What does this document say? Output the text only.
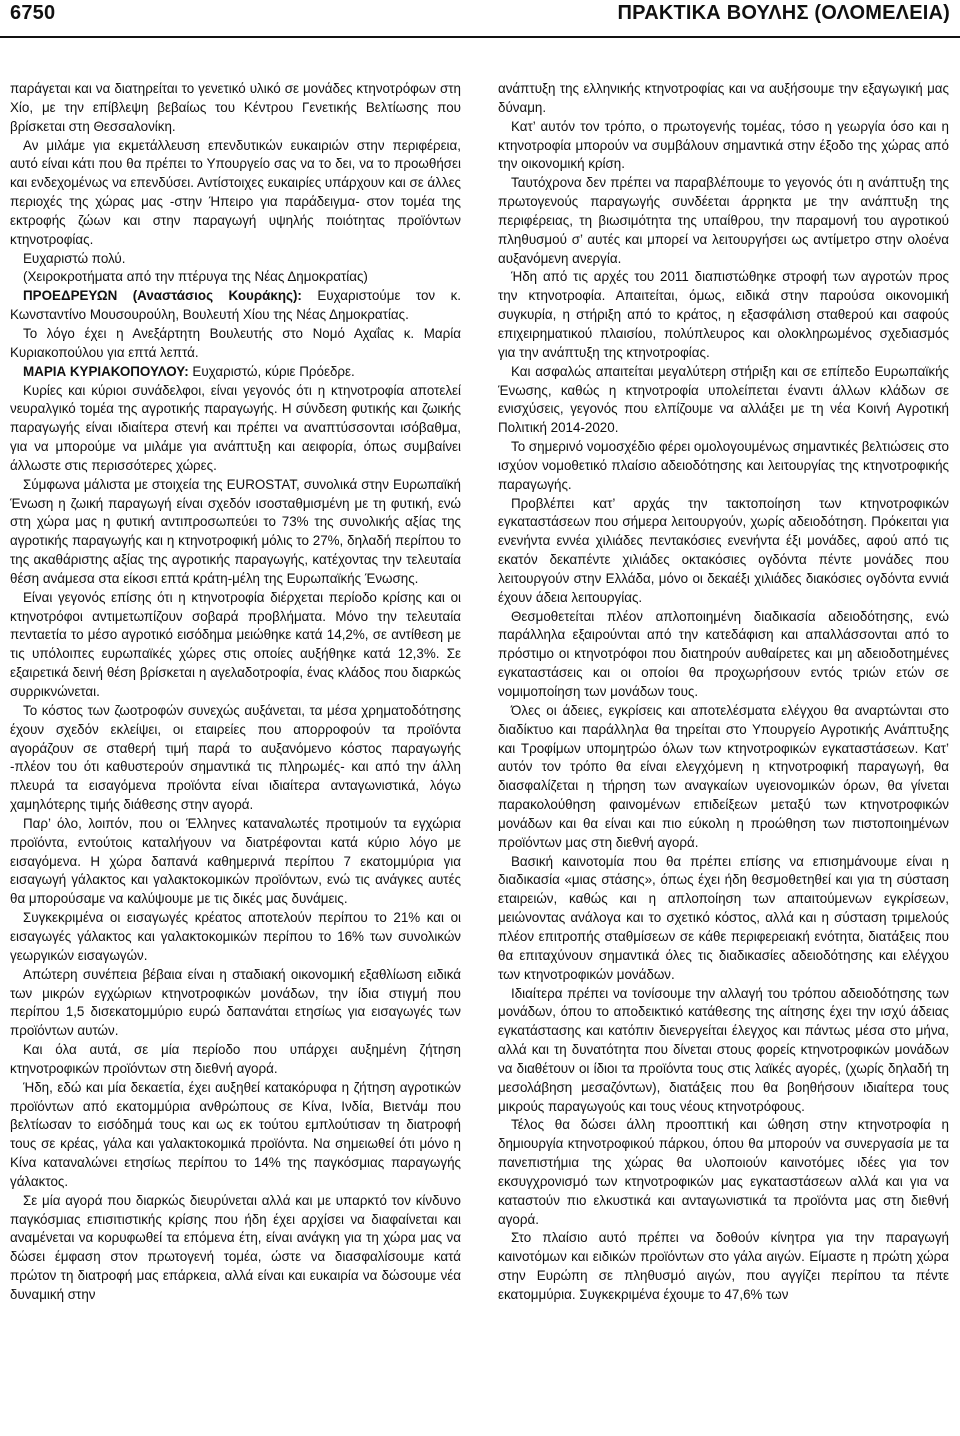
6750	ΠΡΑΚΤΙΚΑ ΒΟΥΛΗΣ (ΟΛΟΜΕΛΕΙΑ)

παράγεται και να διατηρείται το γενετικό υλικό σε μονάδες κτηνοτρόφων στη Χίο, με την επίβλεψη βεβαίως του Κέντρου Γενετικής Βελτίωσης που βρίσκεται στη Θεσσαλονίκη.

Αν μιλάμε για εκμετάλλευση επενδυτικών ευκαιριών στην περιφέρεια, αυτό είναι κάτι που θα πρέπει το Υπουργείο σας να το δει, να το προωθήσει και ενδεχομένως να επενδύσει. Αντίστοιχες ευκαιρίες υπάρχουν και σε άλλες περιοχές της χώρας μας -στην Ήπειρο για παράδειγμα- στον τομέα της εκτροφής ζώων και στην παραγωγή υψηλής ποιότητας προϊόντων κτηνοτροφίας.

Ευχαριστώ πολύ.

(Χειροκροτήματα από την πτέρυγα της Νέας Δημοκρατίας)

ΠΡΟΕΔΡΕΥΩΝ (Αναστάσιος Κουράκης): Ευχαριστούμε τον κ. Κωνσταντίνο Μουσουρούλη, Βουλευτή Χίου της Νέας Δημοκρατίας.

Το λόγο έχει η Ανεξάρτητη Βουλευτής στο Νομό Αχαΐας κ. Μαρία Κυριακοπούλου για επτά λεπτά.

ΜΑΡΙΑ ΚΥΡΙΑΚΟΠΟΥΛΟΥ: Ευχαριστώ, κύριε Πρόεδρε.

Κυρίες και κύριοι συνάδελφοι, είναι γεγονός ότι η κτηνοτροφία αποτελεί νευραλγικό τομέα της αγροτικής παραγωγής. Η σύνδεση φυτικής και ζωικής παραγωγής είναι ιδιαίτερα στενή και πρέπει να αναπτύσσονται ισόβαθμα, για να μπορούμε να μιλάμε για ανάπτυξη και αειφορία, όπως συμβαίνει άλλωστε στις περισσότερες χώρες.

Σύμφωνα μάλιστα με στοιχεία της EUROSTAT, συνολικά στην Ευρωπαϊκή Ένωση η ζωική παραγωγή είναι σχεδόν ισοσταθμισμένη με τη φυτική, ενώ στη χώρα μας η φυτική αντιπροσωπεύει το 73% της συνολικής αξίας της αγροτικής παραγωγής και η κτηνοτροφική μόλις το 27%, δηλαδή περίπου το της ακαθάριστης αξίας της αγροτικής παραγωγής, κατέχοντας την τελευταία θέση ανάμεσα στα είκοσι επτά κράτη-μέλη της Ευρωπαϊκής Ένωσης.

Είναι γεγονός επίσης ότι η κτηνοτροφία διέρχεται περίοδο κρίσης και οι κτηνοτρόφοι αντιμετωπίζουν σοβαρά προβλήματα. Μόνο την τελευταία πενταετία το μέσο αγροτικό εισόδημα μειώθηκε κατά 14,2%, σε αντίθεση με τις υπόλοιπες ευρωπαϊκές χώρες στις οποίες αυξήθηκε κατά 12,3%. Σε εξαιρετικά δεινή θέση βρίσκεται η αγελαδοτροφία, ένας κλάδος που διαρκώς συρρικνώνεται.

Το κόστος των ζωοτροφών συνεχώς αυξάνεται, τα μέσα χρηματοδότησης έχουν σχεδόν εκλείψει, οι εταιρείες που απορροφούν τα προϊόντα αγοράζουν σε σταθερή τιμή παρά το αυξανόμενο κόστος παραγωγής -πλέον του ότι καθυστερούν σημαντικά τις πληρωμές- και από την άλλη πλευρά τα εισαγόμενα προϊόντα είναι ιδιαίτερα ανταγωνιστικά, λόγω χαμηλότερης τιμής διάθεσης στην αγορά.

Παρ’ όλο, λοιπόν, που οι Έλληνες καταναλωτές προτιμούν τα εγχώρια προϊόντα, εντούτοις καταλήγουν να διατρέφονται κατά κύριο λόγο με εισαγόμενα. Η χώρα δαπανά καθημερινά περίπου 7 εκατομμύρια για εισαγωγή γάλακτος και γαλακτοκομικών προϊόντων, ενώ τις ανάγκες αυτές θα μπορούσαμε να καλύψουμε με τις δικές μας δυνάμεις.

Συγκεκριμένα οι εισαγωγές κρέατος αποτελούν περίπου το 21% και οι εισαγωγές γάλακτος και γαλακτοκομικών περίπου το 16% των συνολικών γεωργικών εισαγωγών.

Απώτερη συνέπεια βέβαια είναι η σταδιακή οικονομική εξαθλίωση ειδικά των μικρών εγχώριων κτηνοτροφικών μονάδων, την ίδια στιγμή που περίπου 1,5 δισεκατομμύριο ευρώ δαπανάται ετησίως για εισαγωγές των προϊόντων αυτών.

Και όλα αυτά, σε μία περίοδο που υπάρχει αυξημένη ζήτηση κτηνοτροφικών προϊόντων στη διεθνή αγορά.

Ήδη, εδώ και μία δεκαετία, έχει αυξηθεί κατακόρυφα η ζήτηση αγροτικών προϊόντων από εκατομμύρια ανθρώπους σε Κίνα, Ινδία, Βιετνάμ που βελτίωσαν το εισόδημά τους και ως εκ τούτου εμπλούτισαν τη διατροφή τους σε κρέας, γάλα και γαλακτοκομικά προϊόντα. Να σημειωθεί ότι μόνο η Κίνα καταναλώνει ετησίως περίπου το 14% της παγκόσμιας παραγωγής γάλακτος.

Σε μία αγορά που διαρκώς διευρύνεται αλλά και με υπαρκτό τον κίνδυνο παγκόσμιας επισιτιστικής κρίσης που ήδη έχει αρχίσει να διαφαίνεται και αναμένεται να κορυφωθεί τα επόμενα έτη, είναι ανάγκη για τη χώρα μας να δώσει έμφαση στον πρωτογενή τομέα, ώστε να διασφαλίσουμε κατά πρώτον τη διατροφή μας επάρκεια, αλλά είναι και ευκαιρία να δώσουμε νέα δυναμική στην

ανάπτυξη της ελληνικής κτηνοτροφίας και να αυξήσουμε την εξαγωγική μας δύναμη.

Κατ’ αυτόν τον τρόπο, ο πρωτογενής τομέας, τόσο η γεωργία όσο και η κτηνοτροφία μπορούν να συμβάλουν σημαντικά στην έξοδο της χώρας από την οικονομική κρίση.

Ταυτόχρονα δεν πρέπει να παραβλέπουμε το γεγονός ότι η ανάπτυξη της πρωτογενούς παραγωγής συνδέεται άρρηκτα με την ανάπτυξη της περιφέρειας, τη βιωσιμότητα της υπαίθρου, την παραμονή του αγροτικού πληθυσμού σ’ αυτές και μπορεί να λειτουργήσει ως αντίμετρο στην ολοένα αυξανόμενη ανεργία.

Ήδη από τις αρχές του 2011 διαπιστώθηκε στροφή των αγροτών προς την κτηνοτροφία. Απαιτείται, όμως, ειδικά στην παρούσα οικονομική συγκυρία, η στήριξη από το κράτος, η εξασφάλιση σταθερού και σαφούς επιχειρηματικού πλαισίου, πολύπλευρος και ολοκληρωμένος σχεδιασμός για την ανάπτυξη της κτηνοτροφίας.

Και ασφαλώς απαιτείται μεγαλύτερη στήριξη και σε επίπεδο Ευρωπαϊκής Ένωσης, καθώς η κτηνοτροφία υπολείπεται έναντι άλλων κλάδων σε ενισχύσεις, γεγονός που ελπίζουμε να αλλάξει με τη νέα Κοινή Αγροτική Πολιτική 2014-2020.

Το σημερινό νομοσχέδιο φέρει ομολογουμένως σημαντικές βελτιώσεις στο ισχύον νομοθετικό πλαίσιο αδειοδότησης και λειτουργίας της κτηνοτροφικής παραγωγής.

Προβλέπει κατ’ αρχάς την τακτοποίηση των κτηνοτροφικών εγκαταστάσεων που σήμερα λειτουργούν, χωρίς αδειοδότηση. Πρόκειται για ενενήντα εννέα χιλιάδες πεντακόσιες ενενήντα έξι μονάδες, αφού από τις εκατόν δεκαπέντε χιλιάδες οκτακόσιες ογδόντα πέντε μονάδες που λειτουργούν στην Ελλάδα, μόνο οι δεκαέξι χιλιάδες διακόσιες ογδόντα εννιά έχουν άδεια λειτουργίας.

Θεσμοθετείται πλέον απλοποιημένη διαδικασία αδειοδότησης, ενώ παράλληλα εξαιρούνται από την κατεδάφιση και απαλλάσσονται από το πρόστιμο οι κτηνοτρόφοι που διατηρούν αυθαίρετες και μη αδειοδοτημένες εγκαταστάσεις και οι οποίοι θα προχωρήσουν εντός τριών ετών σε νομιμοποίηση των μονάδων τους.

Όλες οι άδειες, εγκρίσεις και αποτελέσματα ελέγχου θα αναρτώνται στο διαδίκτυο και παράλληλα θα τηρείται στο Υπουργείο Αγροτικής Ανάπτυξης και Τροφίμων υπομητρώο όλων των κτηνοτροφικών εγκαταστάσεων. Κατ’ αυτόν τον τρόπο θα είναι ελεγχόμενη η κτηνοτροφική παραγωγή, θα διασφαλίζεται η τήρηση των αναγκαίων υγειονομικών όρων, θα γίνεται παρακολούθηση φαινομένων επιδείξεων μεταξύ των κτηνοτροφικών μονάδων και θα είναι και πιο εύκολη η προώθηση των πιστοποιημένων προϊόντων μας στη διεθνή αγορά.

Βασική καινοτομία που θα πρέπει επίσης να επισημάνουμε είναι η διαδικασία «μιας στάσης», όπως έχει ήδη θεσμοθετηθεί και για τη σύσταση εταιρειών, καθώς και η απλοποίηση των απαιτούμενων εγκρίσεων, μειώνοντας ανάλογα και το σχετικό κόστος, αλλά και η σύσταση τριμελούς πλέον επιτροπής σταθμίσεων σε κάθε περιφερειακή ενότητα, διατάξεις που θα επιταχύνουν σημαντικά όλες τις διαδικασίες αδειοδότησης και ελέγχου των κτηνοτροφικών μονάδων.

Ιδιαίτερα πρέπει να τονίσουμε την αλλαγή του τρόπου αδειοδότησης των μονάδων, όπου το αποδεικτικό κατάθεσης της αίτησης έχει την ισχύ άδειας εγκατάστασης και κατόπιν διενεργείται έλεγχος και πάντως μέσα στο μήνα, αλλά και τη δυνατότητα που δίνεται στους φορείς κτηνοτροφικών μονάδων να διαθέτουν οι ίδιοι τα προϊόντα τους στις λαϊκές αγορές, (χωρίς δηλαδή τη μεσολάβηση μεσαζόντων), διατάξεις που θα βοηθήσουν ιδιαίτερα τους μικρούς παραγωγούς και τους νέους κτηνοτρόφους.

Τέλος θα δώσει άλλη προοπτική και ώθηση στην κτηνοτροφία η δημιουργία κτηνοτροφικού πάρκου, όπου θα μπορούν να συνεργασία με τα πανεπιστήμια της χώρας θα υλοποιούν καινοτόμες ιδέες για τον εκσυγχρονισμό των κτηνοτροφικών μας εγκαταστάσεων αλλά και για να καταστούν πιο ελκυστικά και ανταγωνιστικά τα προϊόντα μας στη διεθνή αγορά.

Στο πλαίσιο αυτό πρέπει να δοθούν κίνητρα για την παραγωγή καινοτόμων και ειδικών προϊόντων στο γάλα αιγών. Είμαστε η πρώτη χώρα στην Ευρώπη σε πληθυσμό αιγών, που αγγίζει περίπου τα πέντε εκατομμύρια. Συγκεκριμένα έχουμε το 47,6% των
